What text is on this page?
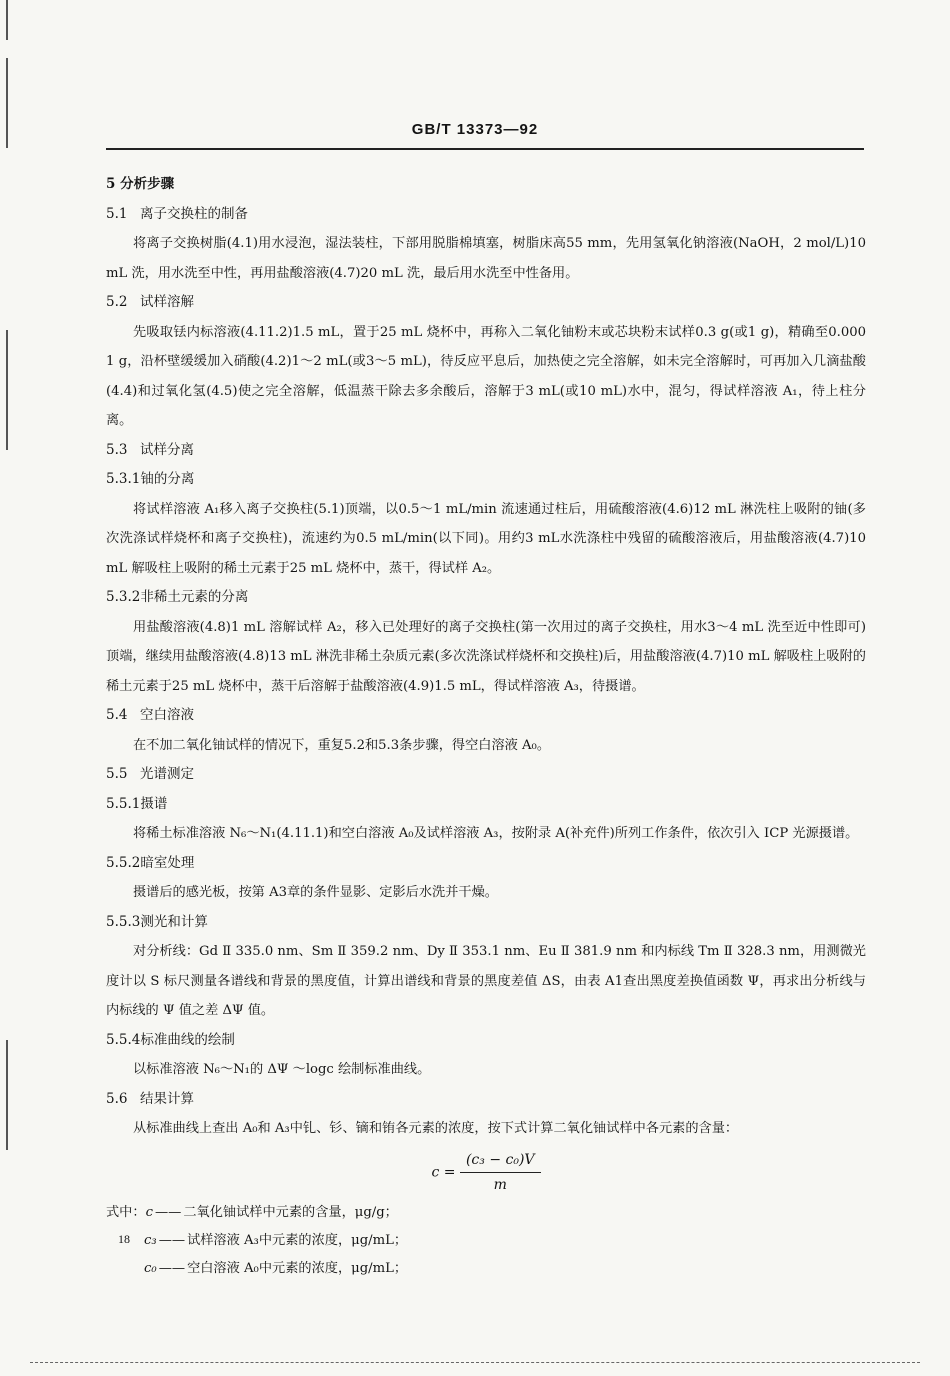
GB/T 13373—92

5 分析步骤

5.1 离子交换柱的制备

将离子交换树脂(4.1)用水浸泡，湿法装柱，下部用脱脂棉填塞，树脂床高55 mm，先用氢氧化钠溶液(NaOH，2 mol/L)10 mL 洗，用水洗至中性，再用盐酸溶液(4.7)20 mL 洗，最后用水洗至中性备用。

5.2 试样溶解

先吸取铥内标溶液(4.11.2)1.5 mL，置于25 mL 烧杯中，再称入二氧化铀粉末或芯块粉末试样0.3 g(或1 g)，精确至0.000 1 g，沿杯壁缓缓加入硝酸(4.2)1～2 mL(或3～5 mL)，待反应平息后，加热使之完全溶解，如未完全溶解时，可再加入几滴盐酸(4.4)和过氧化氢(4.5)使之完全溶解，低温蒸干除去多余酸后，溶解于3 mL(或10 mL)水中，混匀，得试样溶液 A₁，待上柱分离。

5.3 试样分离

5.3.1铀的分离

将试样溶液 A₁移入离子交换柱(5.1)顶端，以0.5～1 mL/min 流速通过柱后，用硫酸溶液(4.6)12 mL 淋洗柱上吸附的铀(多次洗涤试样烧杯和离子交换柱)，流速约为0.5 mL/min(以下同)。用约3 mL水洗涤柱中残留的硫酸溶液后，用盐酸溶液(4.7)10 mL 解吸柱上吸附的稀土元素于25 mL 烧杯中，蒸干，得试样 A₂。

5.3.2非稀土元素的分离

用盐酸溶液(4.8)1 mL 溶解试样 A₂，移入已处理好的离子交换柱(第一次用过的离子交换柱，用水3～4 mL 洗至近中性即可)顶端，继续用盐酸溶液(4.8)13 mL 淋洗非稀土杂质元素(多次洗涤试样烧杯和交换柱)后，用盐酸溶液(4.7)10 mL 解吸柱上吸附的稀土元素于25 mL 烧杯中，蒸干后溶解于盐酸溶液(4.9)1.5 mL，得试样溶液 A₃，待摄谱。

5.4 空白溶液

在不加二氧化铀试样的情况下，重复5.2和5.3条步骤，得空白溶液 A₀。

5.5 光谱测定

5.5.1摄谱

将稀土标准溶液 N₆～N₁(4.11.1)和空白溶液 A₀及试样溶液 A₃，按附录 A(补充件)所列工作条件，依次引入 ICP 光源摄谱。

5.5.2暗室处理

摄谱后的感光板，按第 A3章的条件显影、定影后水洗并干燥。

5.5.3测光和计算

对分析线：Gd Ⅱ 335.0 nm、Sm Ⅱ 359.2 nm、Dy Ⅱ 353.1 nm、Eu Ⅱ 381.9 nm 和内标线 Tm Ⅱ 328.3 nm，用测微光度计以 S 标尺测量各谱线和背景的黑度值，计算出谱线和背景的黑度差值 ΔS，由表 A1查出黑度差换值函数 Ψ，再求出分析线与内标线的 Ψ 值之差 ΔΨ 值。

5.5.4标准曲线的绘制

以标准溶液 N₆～N₁的 ΔΨ ～logc 绘制标准曲线。

5.6 结果计算

从标准曲线上查出 A₀和 A₃中钆、钐、镝和铕各元素的浓度，按下式计算二氧化铀试样中各元素的含量：

$c = \frac{\text{(c₃ − c₀)V}}{m}$
式中：c —— 二氧化铀试样中元素的含量，μg/g；
c₃ —— 试样溶液 A₃中元素的浓度，μg/mL；
c₀ —— 空白溶液 A₀中元素的浓度，μg/mL；
18
